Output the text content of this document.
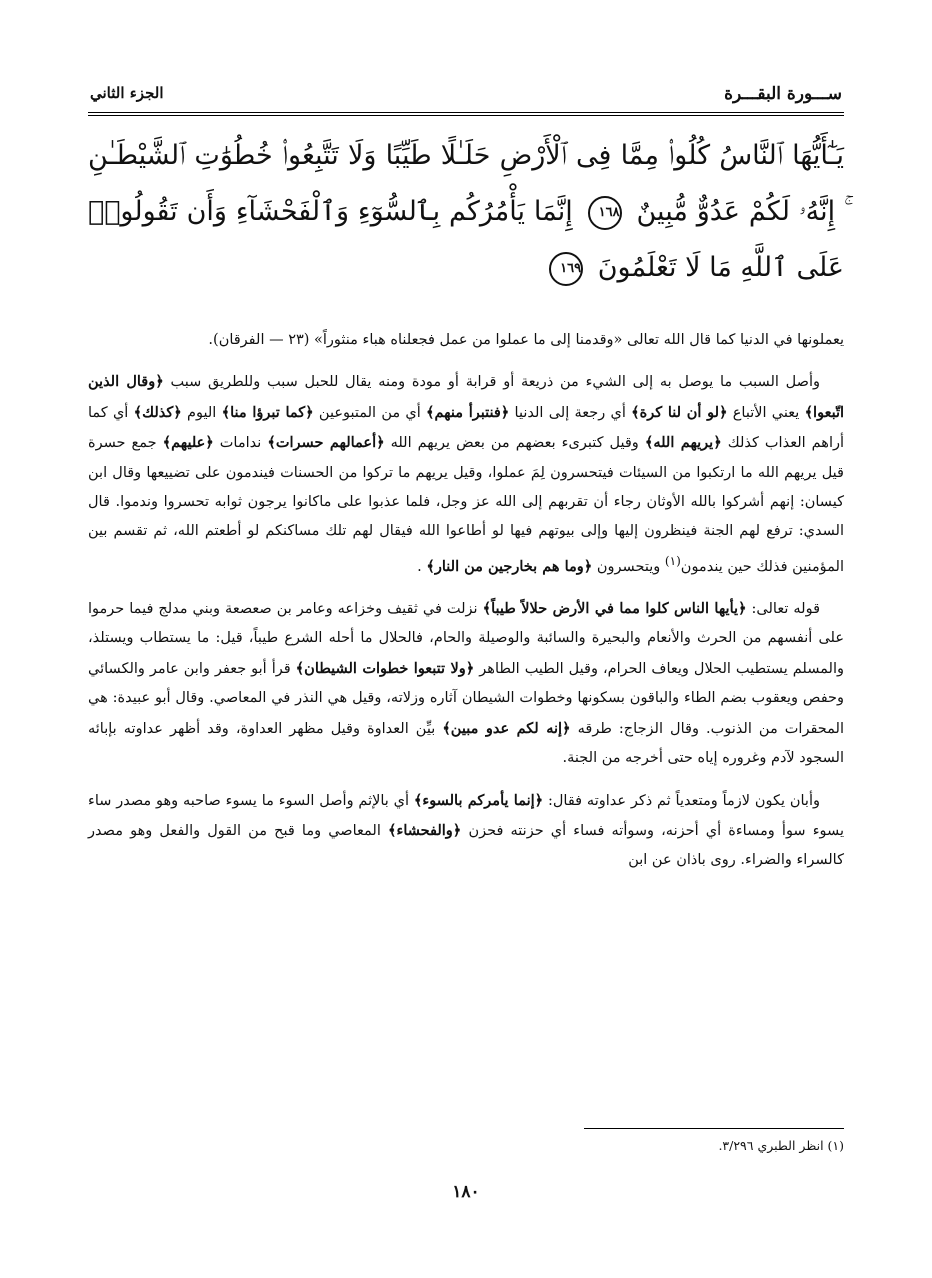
ســـورة البقـــرة
الجزء الثاني
يَـٰٓأَيُّهَا ٱلنَّاسُ كُلُوا۟ مِمَّا فِى ٱلْأَرْضِ حَلَـٰلًا طَيِّبًا وَلَا تَتَّبِعُوا۟ خُطُوَٰتِ ٱلشَّيْطَـٰنِ ۚ إِنَّهُۥ لَكُمْ عَدُوٌّ مُّبِينٌ ١٦٨ إِنَّمَا يَأْمُرُكُم بِٱلسُّوٓءِ وَٱلْفَحْشَآءِ وَأَن تَقُولُوا۟ عَلَى ٱللَّهِ مَا لَا تَعْلَمُونَ ١٦٩

يعملونها في الدنيا كما قال الله تعالى «وقدمنا إلى ما عملوا من عمل فجعلناه هباء منثوراً» (٢٣ — الفرقان).

وأصل السبب ما يوصل به إلى الشيء من ذريعة أو قرابة أو مودة ومنه يقال للحبل سبب وللطريق سبب ﴿وقال الذين اتّبعوا﴾ يعني الأتباع ﴿لو أن لنا كرة﴾ أي رجعة إلى الدنيا ﴿فنتبرأ منهم﴾ أي من المتبوعين ﴿كما تبرؤا منا﴾ اليوم ﴿كذلك﴾ أي كما أراهم العذاب كذلك ﴿يريهم الله﴾ وقيل كتبرىء بعضهم من بعض يريهم الله ﴿أعمالهم حسرات﴾ ندامات ﴿عليهم﴾ جمع حسرة قيل يريهم الله ما ارتكبوا من السيئات فيتحسرون لِمَ عملوا، وقيل يريهم ما تركوا من الحسنات فيندمون على تضييعها وقال ابن كيسان: إنهم أشركوا بالله الأوثان رجاء أن تقربهم إلى الله عز وجل، فلما عذبوا على ماكانوا يرجون ثوابه تحسروا وندموا. قال السدي: ترفع لهم الجنة فينظرون إليها وإلى بيوتهم فيها لو أطاعوا الله فيقال لهم تلك مساكنكم لو أطعتم الله، ثم تقسم بين المؤمنين فذلك حين يندمون$^{(١)}$ ويتحسرون ﴿وما هم بخارجين من النار﴾ .

قوله تعالى: ﴿يأيها الناس كلوا مما في الأرض حلالاً طيباً﴾ نزلت في ثقيف وخزاعه وعامر بن صعصعة وبني مدلج فيما حرموا على أنفسهم من الحرث والأنعام والبحيرة والسائبة والوصيلة والحام، فالحلال ما أحله الشرع طيباً، قيل: ما يستطاب ويستلذ، والمسلم يستطيب الحلال ويعاف الحرام، وقيل الطيب الطاهر ﴿ولا تتبعوا خطوات الشيطان﴾ قرأ أبو جعفر وابن عامر والكسائي وحفص ويعقوب بضم الطاء والباقون بسكونها وخطوات الشيطان آثاره وزلاته، وقيل هي النذر في المعاصي. وقال أبو عبيدة: هي المحقرات من الذنوب. وقال الزجاج: طرقه ﴿إنه لكم عدو مبين﴾ بيِّن العداوة وقيل مظهر العداوة، وقد أظهر عداوته بإبائه السجود لآدم وغروره إياه حتى أخرجه من الجنة.

وأبان يكون لازماً ومتعدياً ثم ذكر عداوته فقال: ﴿إنما يأمركم بالسوء﴾ أي بالإثم وأصل السوء ما يسوء صاحبه وهو مصدر ساء يسوء سوأ ومساءة أي أحزنه، وسوأته فساء أي حزنته فحزن ﴿والفحشاء﴾ المعاصي وما قبح من القول والفعل وهو مصدر كالسراء والضراء. روى باذان عن ابن

(١) انظر الطبري ٣/٢٩٦.
١٨٠
